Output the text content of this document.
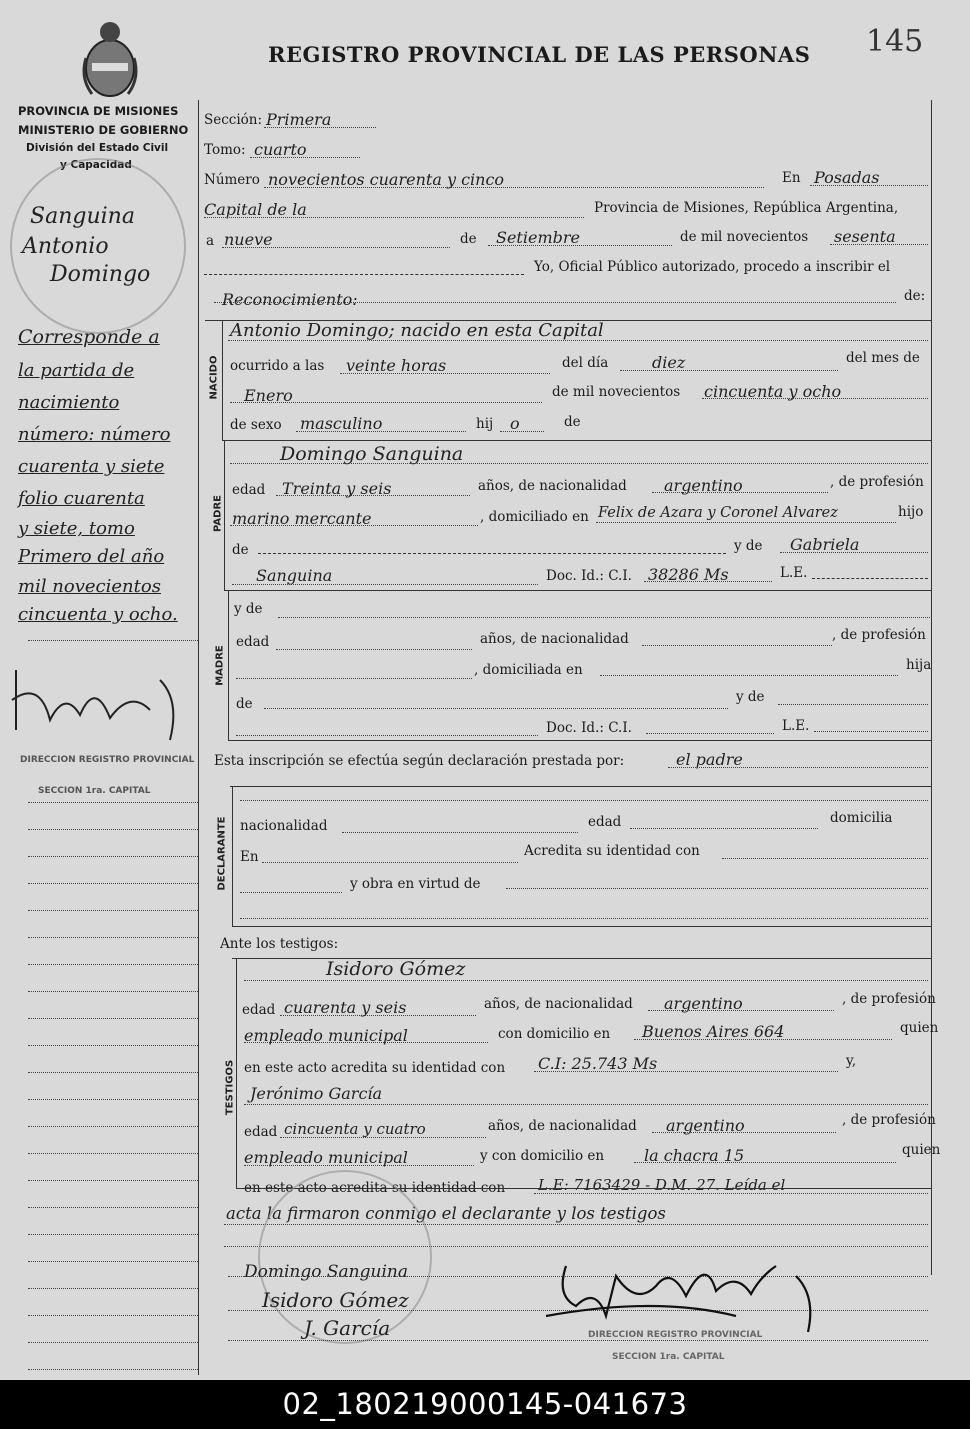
REGISTRO PROVINCIAL DE LAS PERSONAS 145
PROVINCIA DE MISIONES
MINISTERIO DE GOBIERNO
División del Estado Civil
y Capacidad
Sanguina
Antonio
Domingo
Corresponde a
la partida de
nacimiento
número: número
cuarenta y siete
folio cuarenta
y siete, tomo
Primero del año
mil novecientos
cincuenta y ocho.
DIRECCION REGISTRO PROVINCIAL
SECCION 1ra. CAPITAL
Sección: Primera
Tomo: cuarto
Número novecientos cuarenta y cinco	En Posadas
Capital de la	Provincia de Misiones, República Argentina,
a nueve	de Setiembre	de mil novecientos sesenta
Yo, Oficial Público autorizado, procedo a inscribir el
Reconocimiento:	de:
NACIDO
Antonio Domingo; nacido en esta Capital
ocurrido a las veinte horas	del día	diez	del mes de
Enero	de mil novecientos cincuenta y ocho
de sexo masculino	hij o	de
PADRE
Domingo Sanguina
edad Treinta y seis	años, de nacionalidad argentino	, de profesión
marino mercante	, domiciliado en Felix de Azara y Coronel Alvarez	hijo
de	y de Gabriela
Sanguina	Doc. Id.: C.I. 38286 Ms	L.E.
MADRE
y de
edad	años, de nacionalidad	, de profesión
, domiciliada en	hija
de	y de
Doc. Id.: C.I.	L.E.
Esta inscripción se efectúa según declaración prestada por:	el padre
DECLARANTE nacionalidad	edad	domicilia
En	Acredita su identidad con
y obra en virtud de
Ante los testigos:
TESTIGOS
Isidoro Gómez
edad cuarenta y seis	años, de nacionalidad argentino	, de profesión
empleado municipal	con domicilio en Buenos Aires 664	quien
en este acto acredita su identidad con C.I: 25.743 Ms	y,
Jerónimo García
edad cincuenta y cuatro	años, de nacionalidad argentino	, de profesión
empleado municipal	y con domicilio en la chacra 15	quien
en este acto acredita su identidad con L.E: 7163429 - D.M. 27. Leída el
acta la firmaron conmigo el declarante y los testigos
Domingo Sanguina
Isidoro Gómez
J. García	DIRECCION REGISTRO PROVINCIAL
SECCION 1ra. CAPITAL
02_180219000145-041673
